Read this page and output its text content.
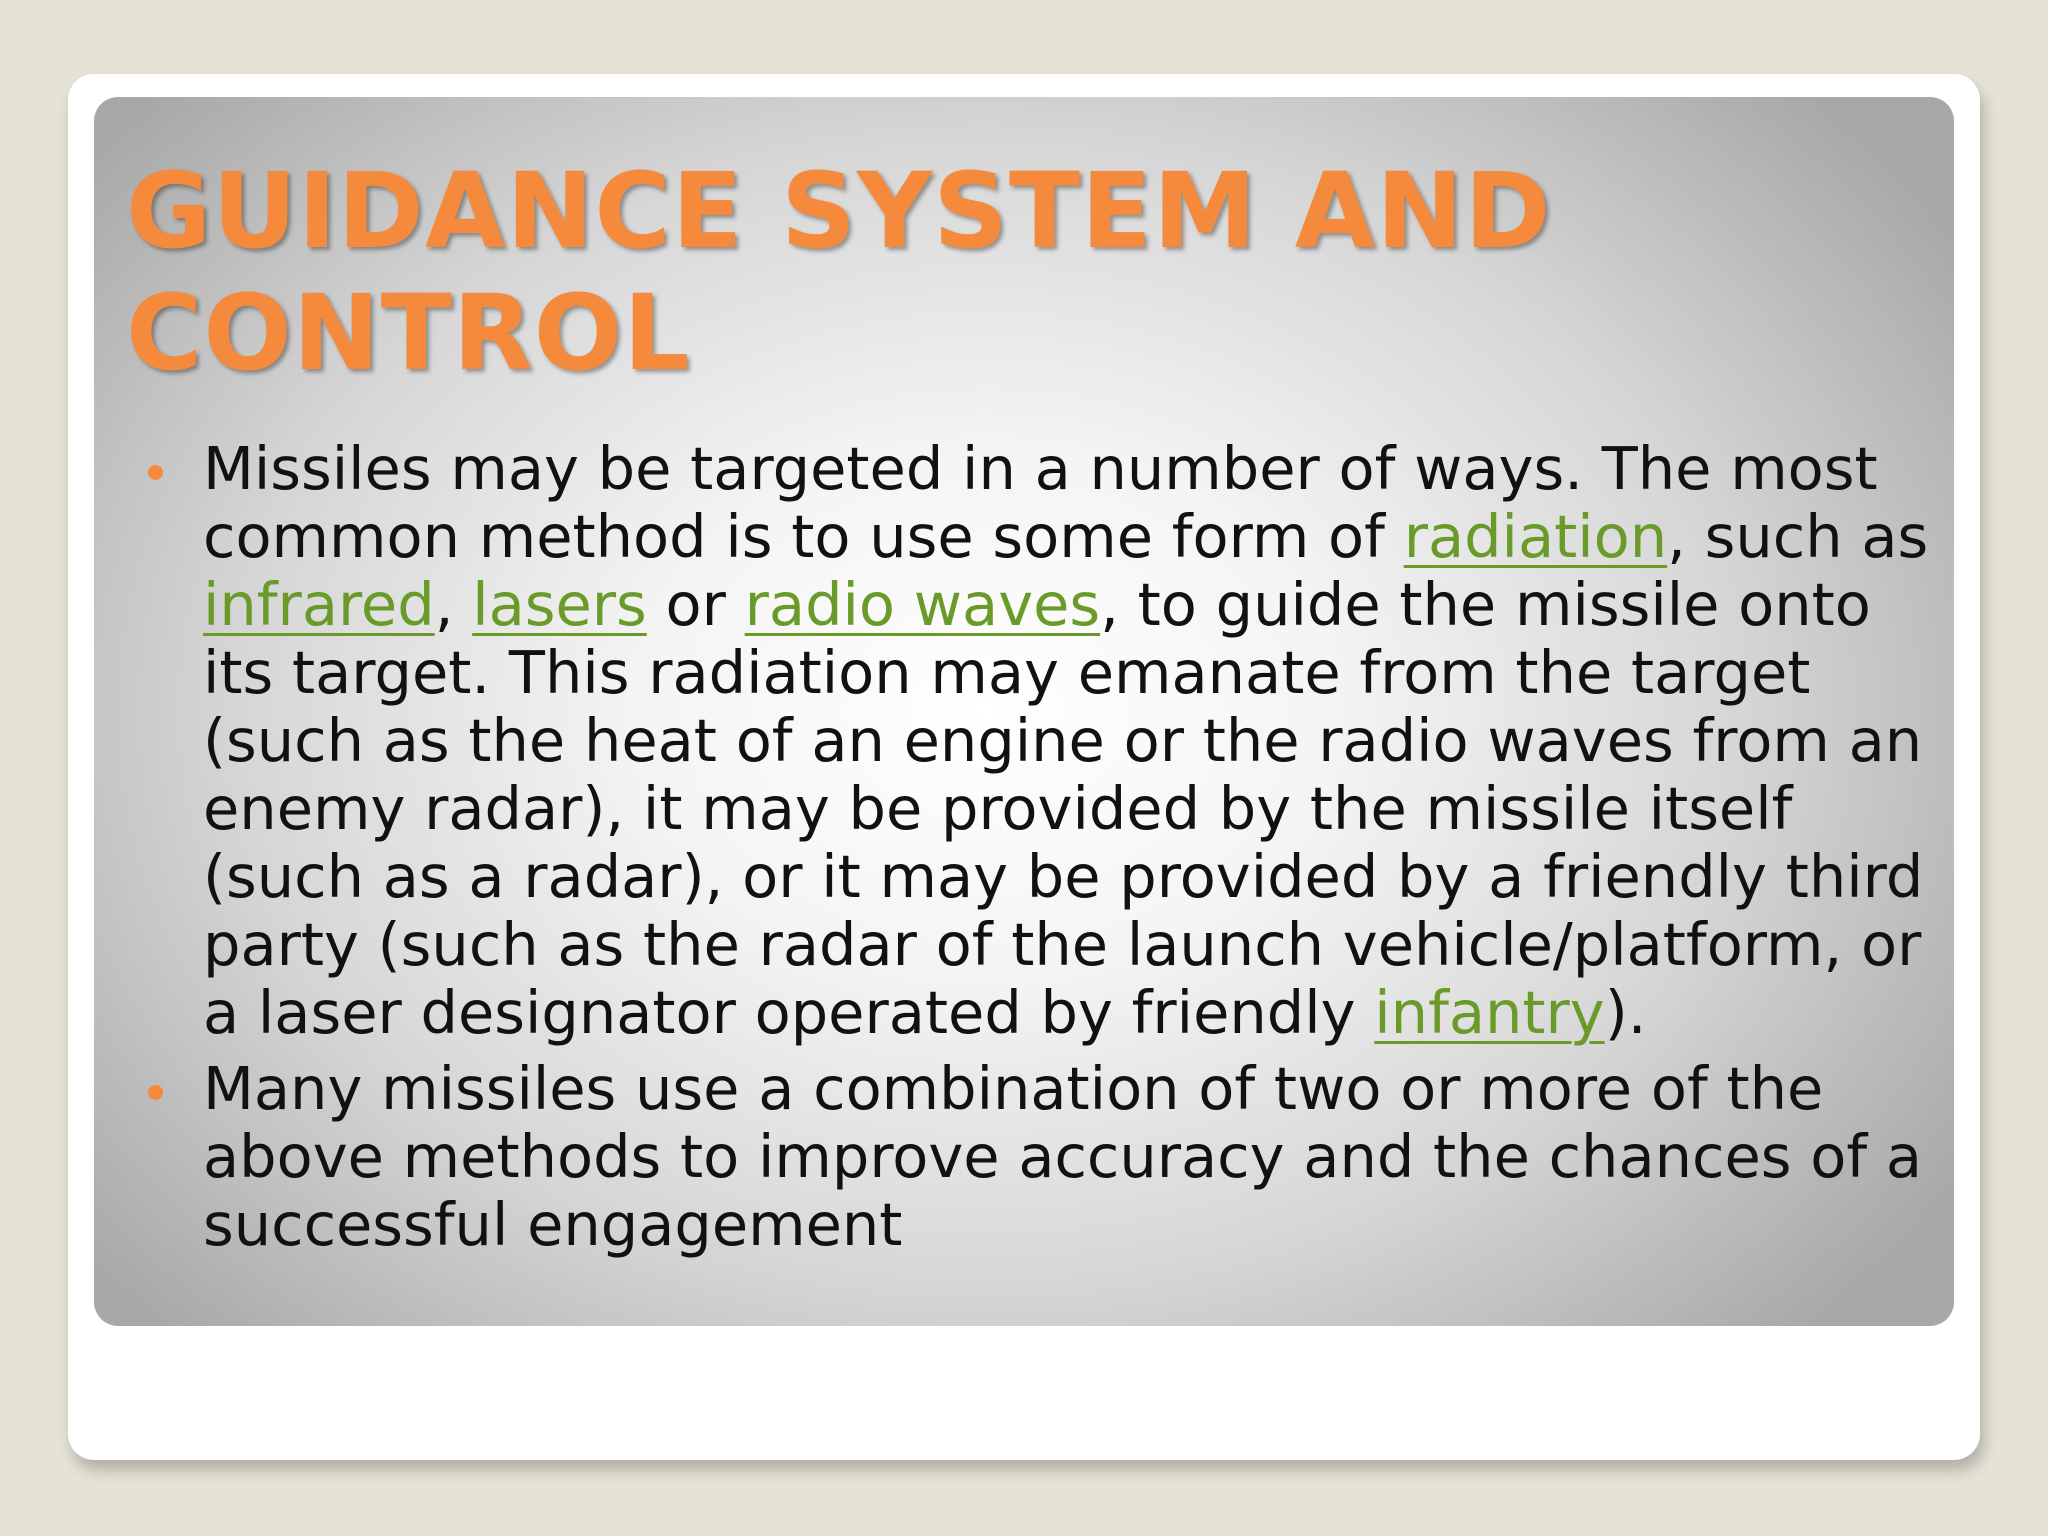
GUIDANCE SYSTEM AND CONTROL
Missiles may be targeted in a number of ways. The most common method is to use some form of radiation, such as infrared, lasers or radio waves, to guide the missile onto its target. This radiation may emanate from the target (such as the heat of an engine or the radio waves from an enemy radar), it may be provided by the missile itself (such as a radar), or it may be provided by a friendly third party (such as the radar of the launch vehicle/platform, or a laser designator operated by friendly infantry).
Many missiles use a combination of two or more of the above methods to improve accuracy and the chances of a successful engagement
